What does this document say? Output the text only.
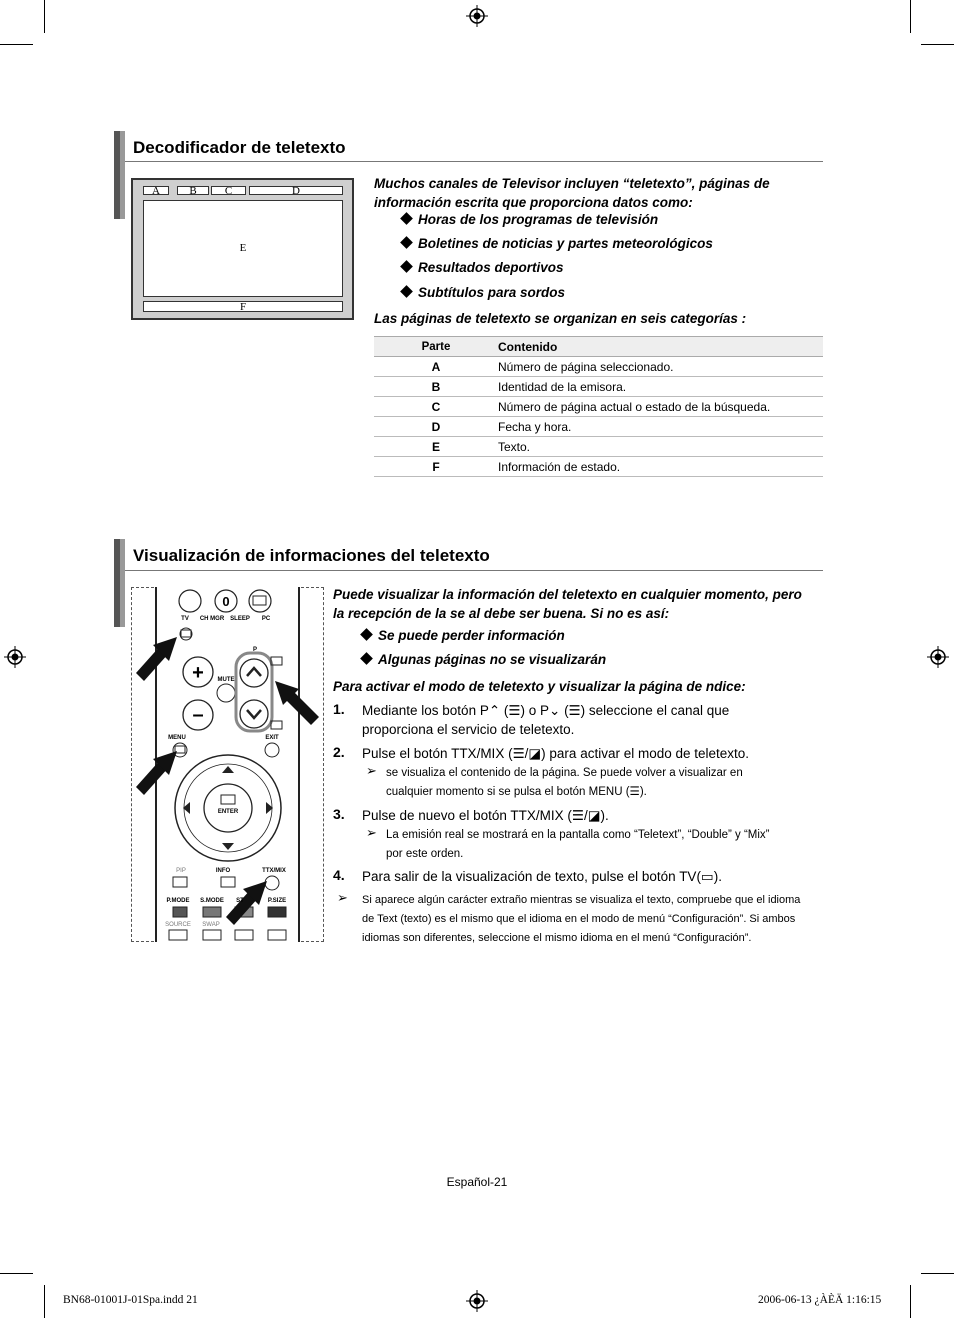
Decodificador de teletexto
A	B	C	D
E
F
Muchos canales de Televisor incluyen “teletexto”, páginas de información escrita que proporciona datos como:
Horas de los programas de televisión
Boletines de noticias y partes meteorológicos
Resultados deportivos
Subtítulos para sordos
Las páginas de teletexto se organizan en seis categorías :
Parte	Contenido
A	Número de página seleccionado.
B	Identidad de la emisora.
C	Número de página actual o estado de la búsqueda.
D	Fecha y hora.
E	Texto.
F	Información de estado.
Visualización de informaciones del teletexto
+
–
0
TV	CH MGR SLEEP	PC
P
MUTE
MENU	EXIT
ENTER
PIP	INFO	TTX/MIX
P.MODE	S.MODE	ST	P.SIZE
SOURCE	SWAP
Puede visualizar la información del teletexto en cualquier momento, pero la recepción de la se al debe ser buena. Si no es así:
Se puede perder información
Algunas páginas no se visualizarán
Para activar el modo de teletexto y visualizar la página de ndice:
1. Mediante los botón P⌃ (☰) o P⌄ (☰) seleccione el canal que
proporciona el servicio de teletexto.
2. Pulse el botón TTX/MIX (☰/◪) para activar el modo de teletexto.
➢ se visualiza el contenido de la página. Se puede volver a visualizar en
cualquier momento si se pulsa el botón MENU (☰).
3. Pulse de nuevo el botón TTX/MIX (☰/◪).
➢ La emisión real se mostrará en la pantalla como “Teletext”, “Double” y “Mix”
por este orden.
4. Para salir de la visualización de texto, pulse el botón TV(▭).
➢ Si aparece algún carácter extraño mientras se visualiza el texto, compruebe que el idioma
de Text (texto) es el mismo que el idioma en el modo de menú “Configuración”. Si ambos
idiomas son diferentes, seleccione el mismo idioma en el menú “Configuración”.
Español-21
BN68-01001J-01Spa.indd 21	2006-06-13 ¿ÀÈÄ 1:16:15
